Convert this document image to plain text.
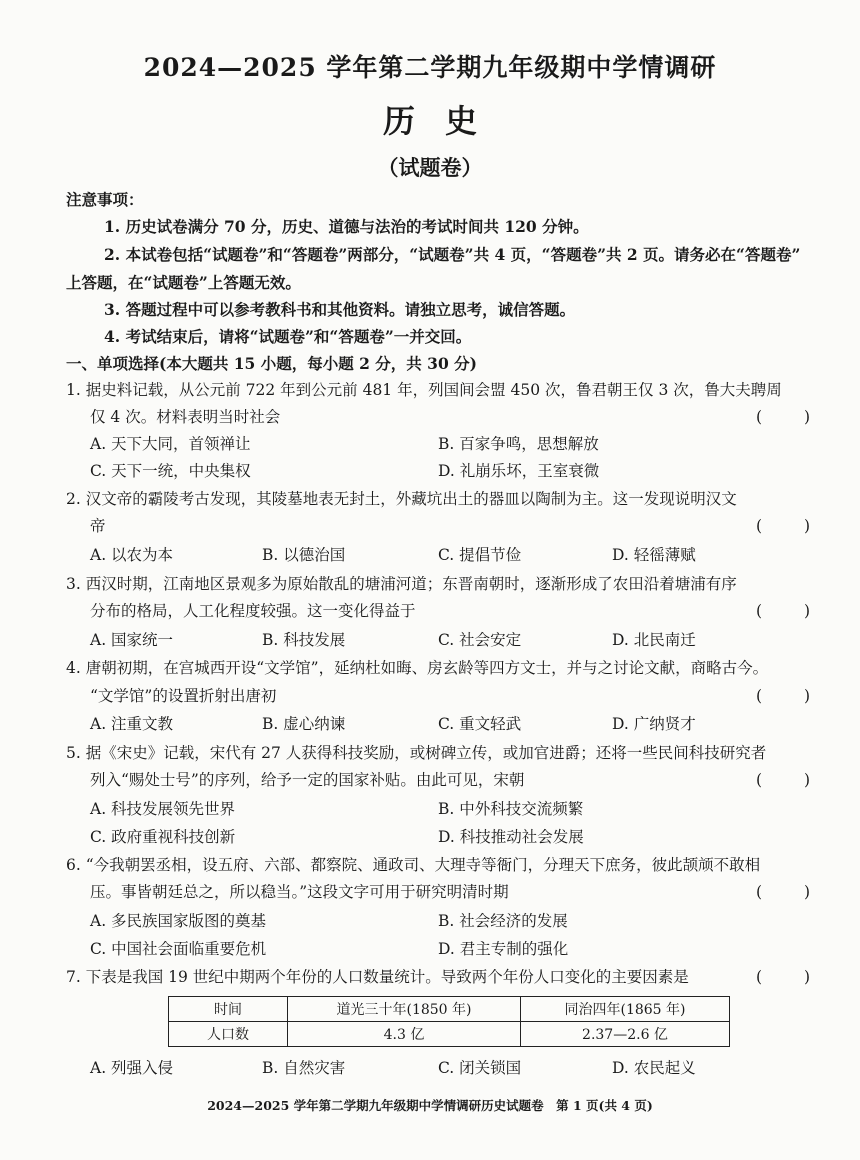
2024—2025 学年第二学期九年级期中学情调研
历史
（试题卷）
注意事项：
1. 历史试卷满分 70 分，历史、道德与法治的考试时间共 120 分钟。
2. 本试卷包括“试题卷”和“答题卷”两部分，“试题卷”共 4 页，“答题卷”共 2 页。请务必在“答题卷”
上答题，在“试题卷”上答题无效。
3. 答题过程中可以参考教科书和其他资料。请独立思考，诚信答题。
4. 考试结束后，请将“试题卷”和“答题卷”一并交回。
一、单项选择(本大题共 15 小题，每小题 2 分，共 30 分)
1. 据史料记载，从公元前 722 年到公元前 481 年，列国间会盟 450 次，鲁君朝王仅 3 次，鲁大夫聘周
仅 4 次。材料表明当时社会	(	)
A. 天下大同，首领禅让	B. 百家争鸣，思想解放
C. 天下一统，中央集权	D. 礼崩乐坏，王室衰微
2. 汉文帝的霸陵考古发现，其陵墓地表无封土，外藏坑出土的器皿以陶制为主。这一发现说明汉文
帝	(	)
A. 以农为本	B. 以德治国	C. 提倡节俭	D. 轻徭薄赋
3. 西汉时期，江南地区景观多为原始散乱的塘浦河道；东晋南朝时，逐渐形成了农田沿着塘浦有序
分布的格局，人工化程度较强。这一变化得益于	(	)
A. 国家统一	B. 科技发展	C. 社会安定	D. 北民南迁
4. 唐朝初期，在宫城西开设“文学馆”，延纳杜如晦、房玄龄等四方文士，并与之讨论文献，商略古今。
“文学馆”的设置折射出唐初	(	)
A. 注重文教	B. 虚心纳谏	C. 重文轻武	D. 广纳贤才
5. 据《宋史》记载，宋代有 27 人获得科技奖励，或树碑立传，或加官进爵；还将一些民间科技研究者
列入“赐处士号”的序列，给予一定的国家补贴。由此可见，宋朝	(	)
A. 科技发展领先世界	B. 中外科技交流频繁
C. 政府重视科技创新	D. 科技推动社会发展
6. “今我朝罢丞相，设五府、六部、都察院、通政司、大理寺等衙门，分理天下庶务，彼此颉颃不敢相
压。事皆朝廷总之，所以稳当。”这段文字可用于研究明清时期	(	)
A. 多民族国家版图的奠基	B. 社会经济的发展
C. 中国社会面临重要危机	D. 君主专制的强化
7. 下表是我国 19 世纪中期两个年份的人口数量统计。导致两个年份人口变化的主要因素是	(	)
时间	道光三十年(1850 年)	同治四年(1865 年)
人口数	4.3 亿	2.37—2.6 亿
A. 列强入侵	B. 自然灾害	C. 闭关锁国	D. 农民起义
2024—2025 学年第二学期九年级期中学情调研历史试题卷　第 1 页(共 4 页)
